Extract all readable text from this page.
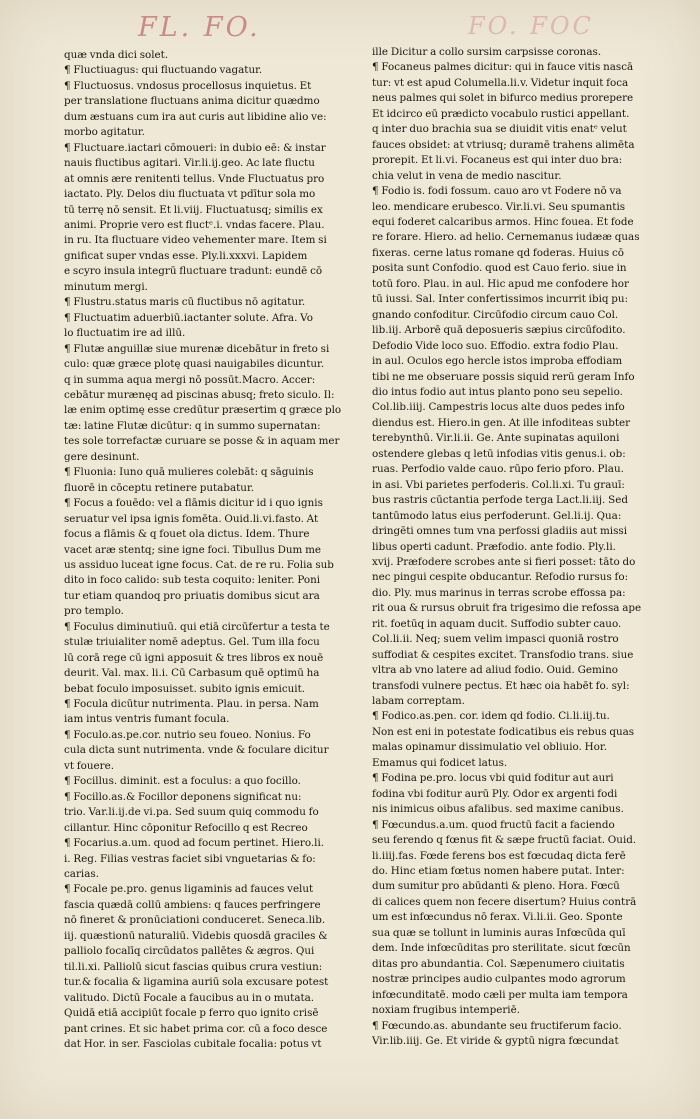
FL. FO.	FO. FOC
quæ vnda dici solet.
¶ Fluctiuagus: qui fluctuando vagatur.
¶ Fluctuosus. vndosus procellosus inquietus. Et
per translatione fluctuans anima dicitur quædmo
dum æstuans cum ira aut curis aut libidine alio ve:
morbo agitatur.
¶ Fluctuare.iactari cōmoueri: in dubio eē: & instar
nauis fluctibus agitari. Vir.li.ij.geo. Ac late fluctu
at omnis ære renitenti tellus. Vnde Fluctuatus pro
iactato. Ply. Delos diu fluctuata vt pdītur sola mo
tū terrę nō sensit. Et li.viij. Fluctuatusq; similis ex
animi. Proprie vero est fluctᵉ.i. vndas facere. Plau.
in ru. Ita fluctuare video vehementer mare. Item si
gnificat super vndas esse. Ply.li.xxxvi. Lapidem
e scyro insula integrū fluctuare tradunt: eundē cō
minutum mergi.
¶ Flustru.status maris cū fluctibus nō agitatur.
¶ Fluctuatim aduerbiū.iactanter solute. Afra. Vo
lo fluctuatim ire ad illū.
¶ Flutæ anguillæ siue murenæ dicebātur in freto si
culo: quæ græce plotę quasi nauigabiles dicuntur.
q in summa aqua mergi nō possūt.Macro. Accer:
cebātur murænęq ad piscinas abusq; freto siculo. Il:
læ enim optimę esse credūtur præsertim q græce plo
tæ: latine Flutæ dicūtur: q in summo supernatan:
tes sole torrefactæ curuare se posse & in aquam mer
gere desinunt.
¶ Fluonia: Iuno quā mulieres colebāt: q sāguinis
fluorē in cōceptu retinere putabatur.
¶ Focus a fouēdo: vel a flāmis dicitur id i quo ignis
seruatur vel ipsa ignis fomēta. Ouid.li.vi.fasto. At
focus a flāmis & q fouet ola dictus. Idem. Thure
vacet aræ stentq; sine igne foci. Tibullus Dum me
us assiduo luceat igne focus. Cat. de re ru. Folia sub
dito in foco calido: sub testa coquito: leniter. Poni
tur etiam quandoq pro priuatis domibus sicut ara
pro templo.
¶ Foculus diminutiuū. qui etiā circūfertur a testa te
stulæ triuialiter nomē adeptus. Gel. Tum illa focu
lū corā rege cū igni apposuit & tres libros ex nouē
deurit. Val. max. li.i. Cū Carbasum quē optimū ha
bebat foculo imposuisset. subito ignis emicuit.
¶ Focula dicūtur nutrimenta. Plau. in persa. Nam
iam intus ventris fumant focula.
¶ Foculo.as.pe.cor. nutrio seu foueo. Nonius. Fo
cula dicta sunt nutrimenta. vnde & foculare dicitur
vt fouere.
¶ Focillus. diminit. est a foculus: a quo focillo.
¶ Focillo.as.& Focillor deponens significat nu:
trio. Var.li.ij.de vi.pa. Sed suum quiq commodu fo
cillantur. Hinc cōponitur Refocillo q est Recreo
¶ Focarius.a.um. quod ad focum pertinet. Hiero.li.
i. Reg. Filias vestras faciet sibi vnguetarias & fo:
carias.
¶ Focale pe.pro. genus ligaminis ad fauces velut
fascia quædā collū ambiens: q fauces perfringere
nō fineret & pronūciationi conduceret. Seneca.lib.
iij. quæstionū naturaliū. Videbis quosdā graciles &
palliolo focalīq circūdatos pallētes & ægros. Qui
til.li.xi. Palliolū sicut fascias quibus crura vestiun:
tur.& focalia & ligamina auriū sola excusare potest
valitudo. Dictū Focale a faucibus au in o mutata.
Quidā etiā accipiūt focale p ferro quo ignito crisē
pant crines. Et sic habet prima cor. cū a foco desce
dat Hor. in ser. Fasciolas cubitale focalia: potus vt
ille Dicitur a collo sursim carpsisse coronas.
¶ Focaneus palmes dicitur: qui in fauce vitis nascā
tur: vt est apud Columella.li.v. Videtur inquit foca
neus palmes qui solet in bifurco medius prorepere
Et idcirco eū prædicto vocabulo rustici appellant.
q inter duo brachia sua se diuidit vitis enatᵉ velut
fauces obsidet: at vtriusq; duramē trahens alimēta
prorepit. Et li.vi. Focaneus est qui inter duo bra:
chia velut in vena de medio nascitur.
¶ Fodio is. fodi fossum. cauo aro vt Fodere nō va
leo. mendicare erubesco. Vir.li.vi. Seu spumantis
equi foderet calcaribus armos. Hinc fouea. Et fode
re forare. Hiero. ad helio. Cernemanus iudææ quas
fixeras. cerne latus romane qd foderas. Huius cō
posita sunt Confodio. quod est Cauo ferio. siue in
totū foro. Plau. in aul. Hic apud me confodere hor
tū iussi. Sal. Inter confertissimos incurrit ibiq pu:
gnando confoditur. Circūfodio circum cauo Col.
lib.iij. Arborē quā deposueris sæpius circūfodito.
Defodio Vide loco suo. Effodio. extra fodio Plau.
in aul. Oculos ego hercle istos improba effodiam
tibi ne me obseruare possis siquid rerū geram Info
dio intus fodio aut intus planto pono seu sepelio.
Col.lib.iiij. Campestris locus alte duos pedes info
diendus est. Hiero.in gen. At ille infoditeas subter
terebynthū. Vir.li.ii. Ge. Ante supinatas aquiloni
ostendere glebas q letū infodias vitis genus.i. ob:
ruas. Perfodio valde cauo. rūpo ferio pforo. Plau.
in asi. Vbi parietes perfoderis. Col.li.xi. Tu grauī:
bus rastris cūctantia perfode terga Lact.li.iij. Sed
tantūmodo latus eius perfoderunt. Gel.li.ij. Qua:
dringēti omnes tum vna perfossi gladiis aut missi
libus operti cadunt. Præfodio. ante fodio. Ply.li.
xvij. Præfodere scrobes ante si fieri posset: tāto do
nec pingui cespite obducantur. Refodio rursus fo:
dio. Ply. mus marinus in terras scrobe effossa pa:
rit oua & rursus obruit fra trigesimo die refossa ape
rit. foetūq in aquam ducit. Suffodio subter cauo.
Col.li.ii. Neq; suem velim impasci quoniā rostro
suffodiat & cespites excitet. Transfodio trans. siue
vltra ab vno latere ad aliud fodio. Ouid. Gemino
transfodi vulnere pectus. Et hæc oia habēt fo. syl:
labam correptam.
¶ Fodico.as.pen. cor. idem qd fodio. Ci.li.iij.tu.
Non est eni in potestate fodicatibus eis rebus quas
malas opinamur dissimulatio vel obliuio. Hor.
Emamus qui fodicet latus.
¶ Fodina pe.pro. locus vbi quid foditur aut auri
fodina vbi foditur aurū Ply. Odor ex argenti fodi
nis inimicus oibus afalibus. sed maxime canibus.
¶ Fœcundus.a.um. quod fructū facit a faciendo
seu ferendo q fœnus fit & sæpe fructū faciat. Ouid.
li.iiij.fas. Fœde ferens bos est fœcudaq dicta ferē
do. Hinc etiam fœtus nomen habere putat. Inter:
dum sumitur pro abūdanti & pleno. Hora. Fœcū
di calices quem non fecere disertum? Huius contrā
um est infœcundus nō ferax. Vi.li.ii. Geo. Sponte
sua quæ se tollunt in luminis auras Infœcūda quī
dem. Inde infœcūditas pro sterilitate. sicut fœcūn
ditas pro abundantia. Col. Sæpenumero ciuitatis
nostræ principes audio culpantes modo agrorum
infœcunditatē. modo cæli per multa iam tempora
noxiam frugibus intemperiē.
¶ Fœcundo.as. abundante seu fructiferum facio.
Vir.lib.iiij. Ge. Et viride & gyptū nigra fœcundat
